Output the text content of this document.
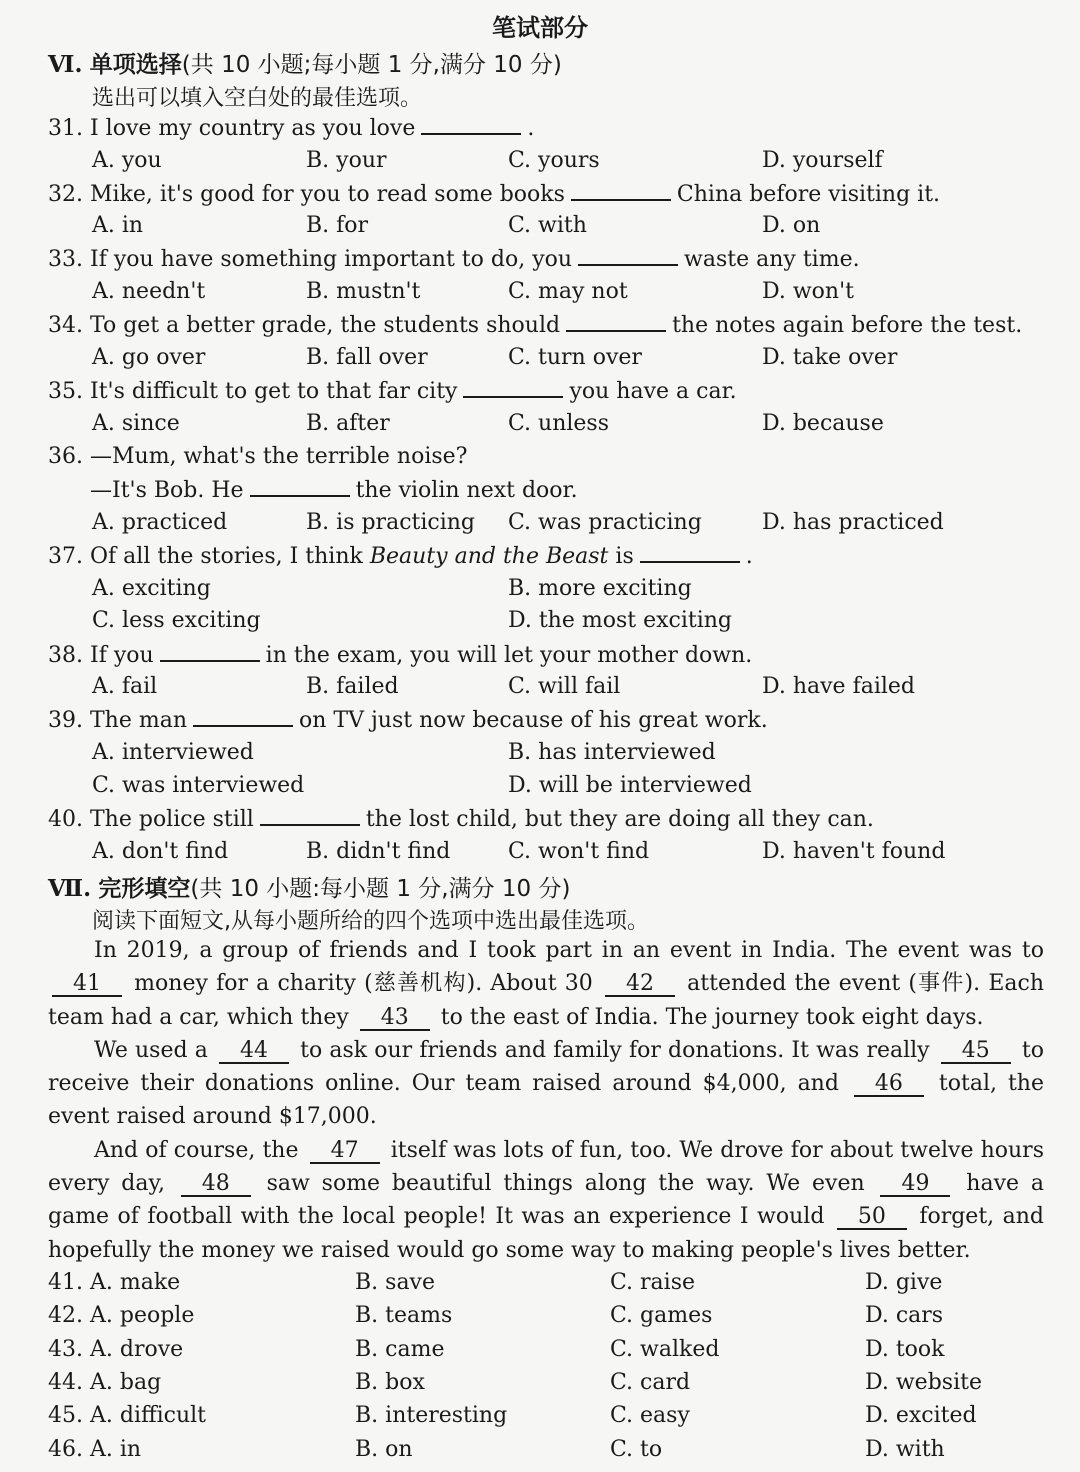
笔试部分
Ⅵ. 单项选择(共 10 小题;每小题 1 分,满分 10 分)
选出可以填入空白处的最佳选项。
31. I love my country as you love	.
A. you	B. your	C. yours	D. yourself
32. Mike, it's good for you to read some books	China before visiting it.
A. in	B. for	C. with	D. on
33. If you have something important to do, you	waste any time.
A. needn't	B. mustn't	C. may not	D. won't
34. To get a better grade, the students should	the notes again before the test.
A. go over	B. fall over	C. turn over	D. take over
35. It's difficult to get to that far city	you have a car.
A. since	B. after	C. unless	D. because
36. —Mum, what's the terrible noise?
—It's Bob. He	the violin next door.
A. practiced	B. is practicing C. was practicing	D. has practiced
37. Of all the stories, I think Beauty and the Beast is	.
A. exciting	B. more exciting
C. less exciting	D. the most exciting
38. If you	in the exam, you will let your mother down.
A. fail	B. failed	C. will fail	D. have failed
39. The man	on TV just now because of his great work.
A. interviewed	B. has interviewed
C. was interviewed	D. will be interviewed
40. The police still	the lost child, but they are doing all they can.
A. don't find	B. didn't find	C. won't find	D. haven't found
Ⅶ. 完形填空(共 10 小题:每小题 1 分,满分 10 分)
阅读下面短文,从每小题所给的四个选项中选出最佳选项。

In 2019, a group of friends and I took part in an event in India. The event was to 41 money for a charity (慈善机构). About 30 42 attended the event (事件). Each team had a car, which they 43 to the east of India. The journey took eight days.

We used a 44 to ask our friends and family for donations. It was really 45 to receive their donations online. Our team raised around $4,000, and 46 total, the event raised around $17,000.

And of course, the 47 itself was lots of fun, too. We drove for about twelve hours every day, 48 saw some beautiful things along the way. We even 49 have a game of football with the local people! It was an experience I would 50 forget, and hopefully the money we raised would go some way to making people's lives better.

41. A. make	B. save	C. raise	D. give
42. A. people	B. teams	C. games	D. cars
43. A. drove	B. came	C. walked	D. took
44. A. bag	B. box	C. card	D. website
45. A. difficult	B. interesting	C. easy	D. excited
46. A. in	B. on	C. to	D. with
